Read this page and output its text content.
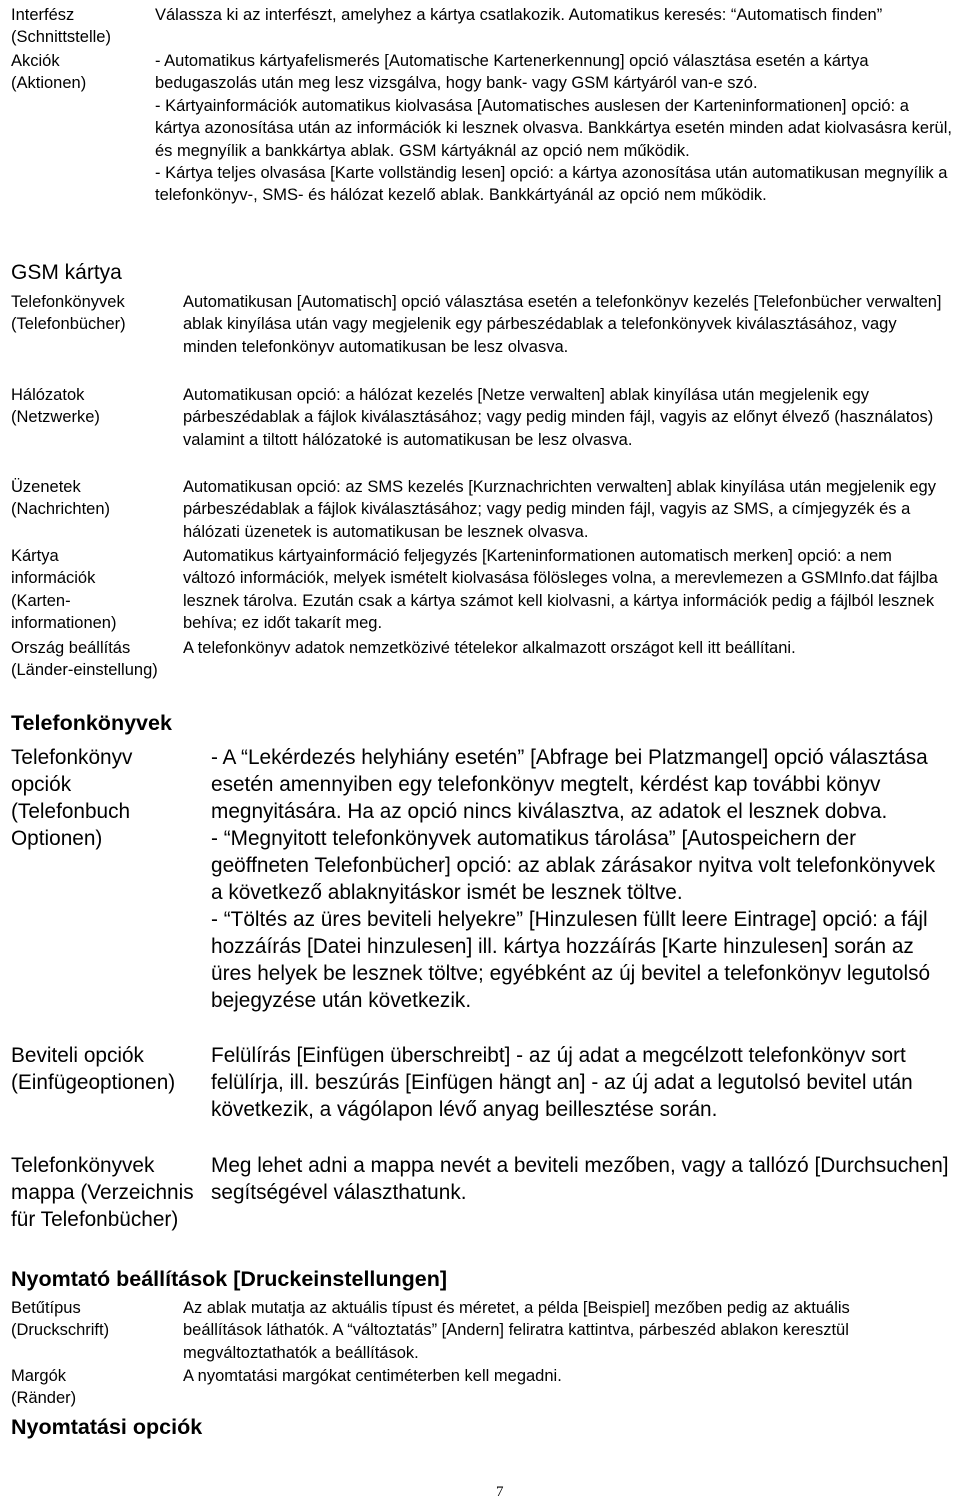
Interfész (Schnittstelle)
Válassza ki az interfészt, amelyhez a kártya csatlakozik. Automatikus keresés: “Automatisch finden”
Akciók (Aktionen)

- Automatikus kártyafelismerés [Automatische Kartenerkennung] opció választása esetén a kártya bedugaszolás után meg lesz vizsgálva, hogy bank- vagy GSM kártyáról van-e szó.

- Kártyainformációk automatikus kiolvasása [Automatisches auslesen der Karteninformationen] opció: a kártya azonosítása után az információk ki lesznek olvasva. Bankkártya esetén minden adat kiolvasásra kerül, és megnyílik a bankkártya ablak. GSM kártyáknál az opció nem működik.

- Kártya teljes olvasása [Karte vollständig lesen] opció: a kártya azonosítása után automatikusan megnyílik a telefonkönyv-, SMS- és hálózat kezelő ablak. Bankkártyánál az opció nem működik.

GSM kártya
Telefonkönyvek (Telefonbücher)
Automatikusan [Automatisch] opció választása esetén a telefonkönyv kezelés [Telefonbücher verwalten] ablak kinyílása után vagy megjelenik egy párbeszédablak a telefonkönyvek kiválasztásához, vagy minden telefonkönyv automatikusan be lesz olvasva.
Hálózatok (Netzwerke)
Automatikusan opció: a hálózat kezelés [Netze verwalten] ablak kinyílása után megjelenik egy párbeszédablak a fájlok kiválasztásához; vagy pedig minden fájl, vagyis az előnyt élvező (használatos) valamint a tiltott hálózatoké is automatikusan be lesz olvasva.
Üzenetek (Nachrichten)
Automatikusan opció: az SMS kezelés [Kurznachrichten verwalten] ablak kinyílása után megjelenik egy párbeszédablak a fájlok kiválasztásához; vagy pedig minden fájl, vagyis az SMS, a címjegyzék és a hálózati üzenetek is automatikusan be lesznek olvasva.
Kártya információk (Karten-informationen)
Automatikus kártyainformáció feljegyzés [Karteninformationen automatisch merken] opció: a nem változó információk, melyek ismételt kiolvasása fölösleges volna, a merevlemezen a GSMInfo.dat fájlba lesznek tárolva. Ezután csak a kártya számot kell kiolvasni, a kártya információk pedig a fájlból lesznek behíva; ez időt takarít meg.
Ország beállítás (Länder-einstellung)
A telefonkönyv adatok nemzetközivé tételekor alkalmazott országot kell itt beállítani.
Telefonkönyvek
Telefonkönyv opciók (Telefonbuch Optionen)

- A “Lekérdezés helyhiány esetén” [Abfrage bei Platzmangel] opció választása esetén amennyiben egy telefonkönyv megtelt, kérdést kap további könyv megnyitására. Ha az opció nincs kiválasztva, az adatok el lesznek dobva.

- “Megnyitott telefonkönyvek automatikus tárolása” [Autospeichern der geöffneten Telefonbücher] opció: az ablak zárásakor nyitva volt telefonkönyvek a következő ablaknyitáskor ismét be lesznek töltve.

- “Töltés az üres beviteli helyekre” [Hinzulesen füllt leere Eintrage] opció: a fájl hozzáírás [Datei hinzulesen] ill. kártya hozzáírás [Karte hinzulesen] során az üres helyek be lesznek töltve; egyébként az új bevitel a telefonkönyv legutolsó bejegyzése után következik.

Beviteli opciók (Einfügeoptionen)
Felülírás [Einfügen überschreibt] - az új adat a megcélzott telefonkönyv sort felülírja, ill. beszúrás [Einfügen hängt an] - az új adat a legutolsó bevitel után következik, a vágólapon lévő anyag beillesztése során.
Telefonkönyvek mappa (Verzeichnis für Telefonbücher)
Meg lehet adni a mappa nevét a beviteli mezőben, vagy a tallózó [Durchsuchen] segítségével választhatunk.
Nyomtató beállítások [Druckeinstellungen]
Betűtípus (Druckschrift)
Az ablak mutatja az aktuális típust és méretet, a példa [Beispiel] mezőben pedig az aktuális beállítások láthatók. A “változtatás” [Andern] feliratra kattintva, párbeszéd ablakon keresztül megváltoztathatók a beállítások.
Margók (Ränder)
A nyomtatási margókat centiméterben kell megadni.
Nyomtatási opciók
7
